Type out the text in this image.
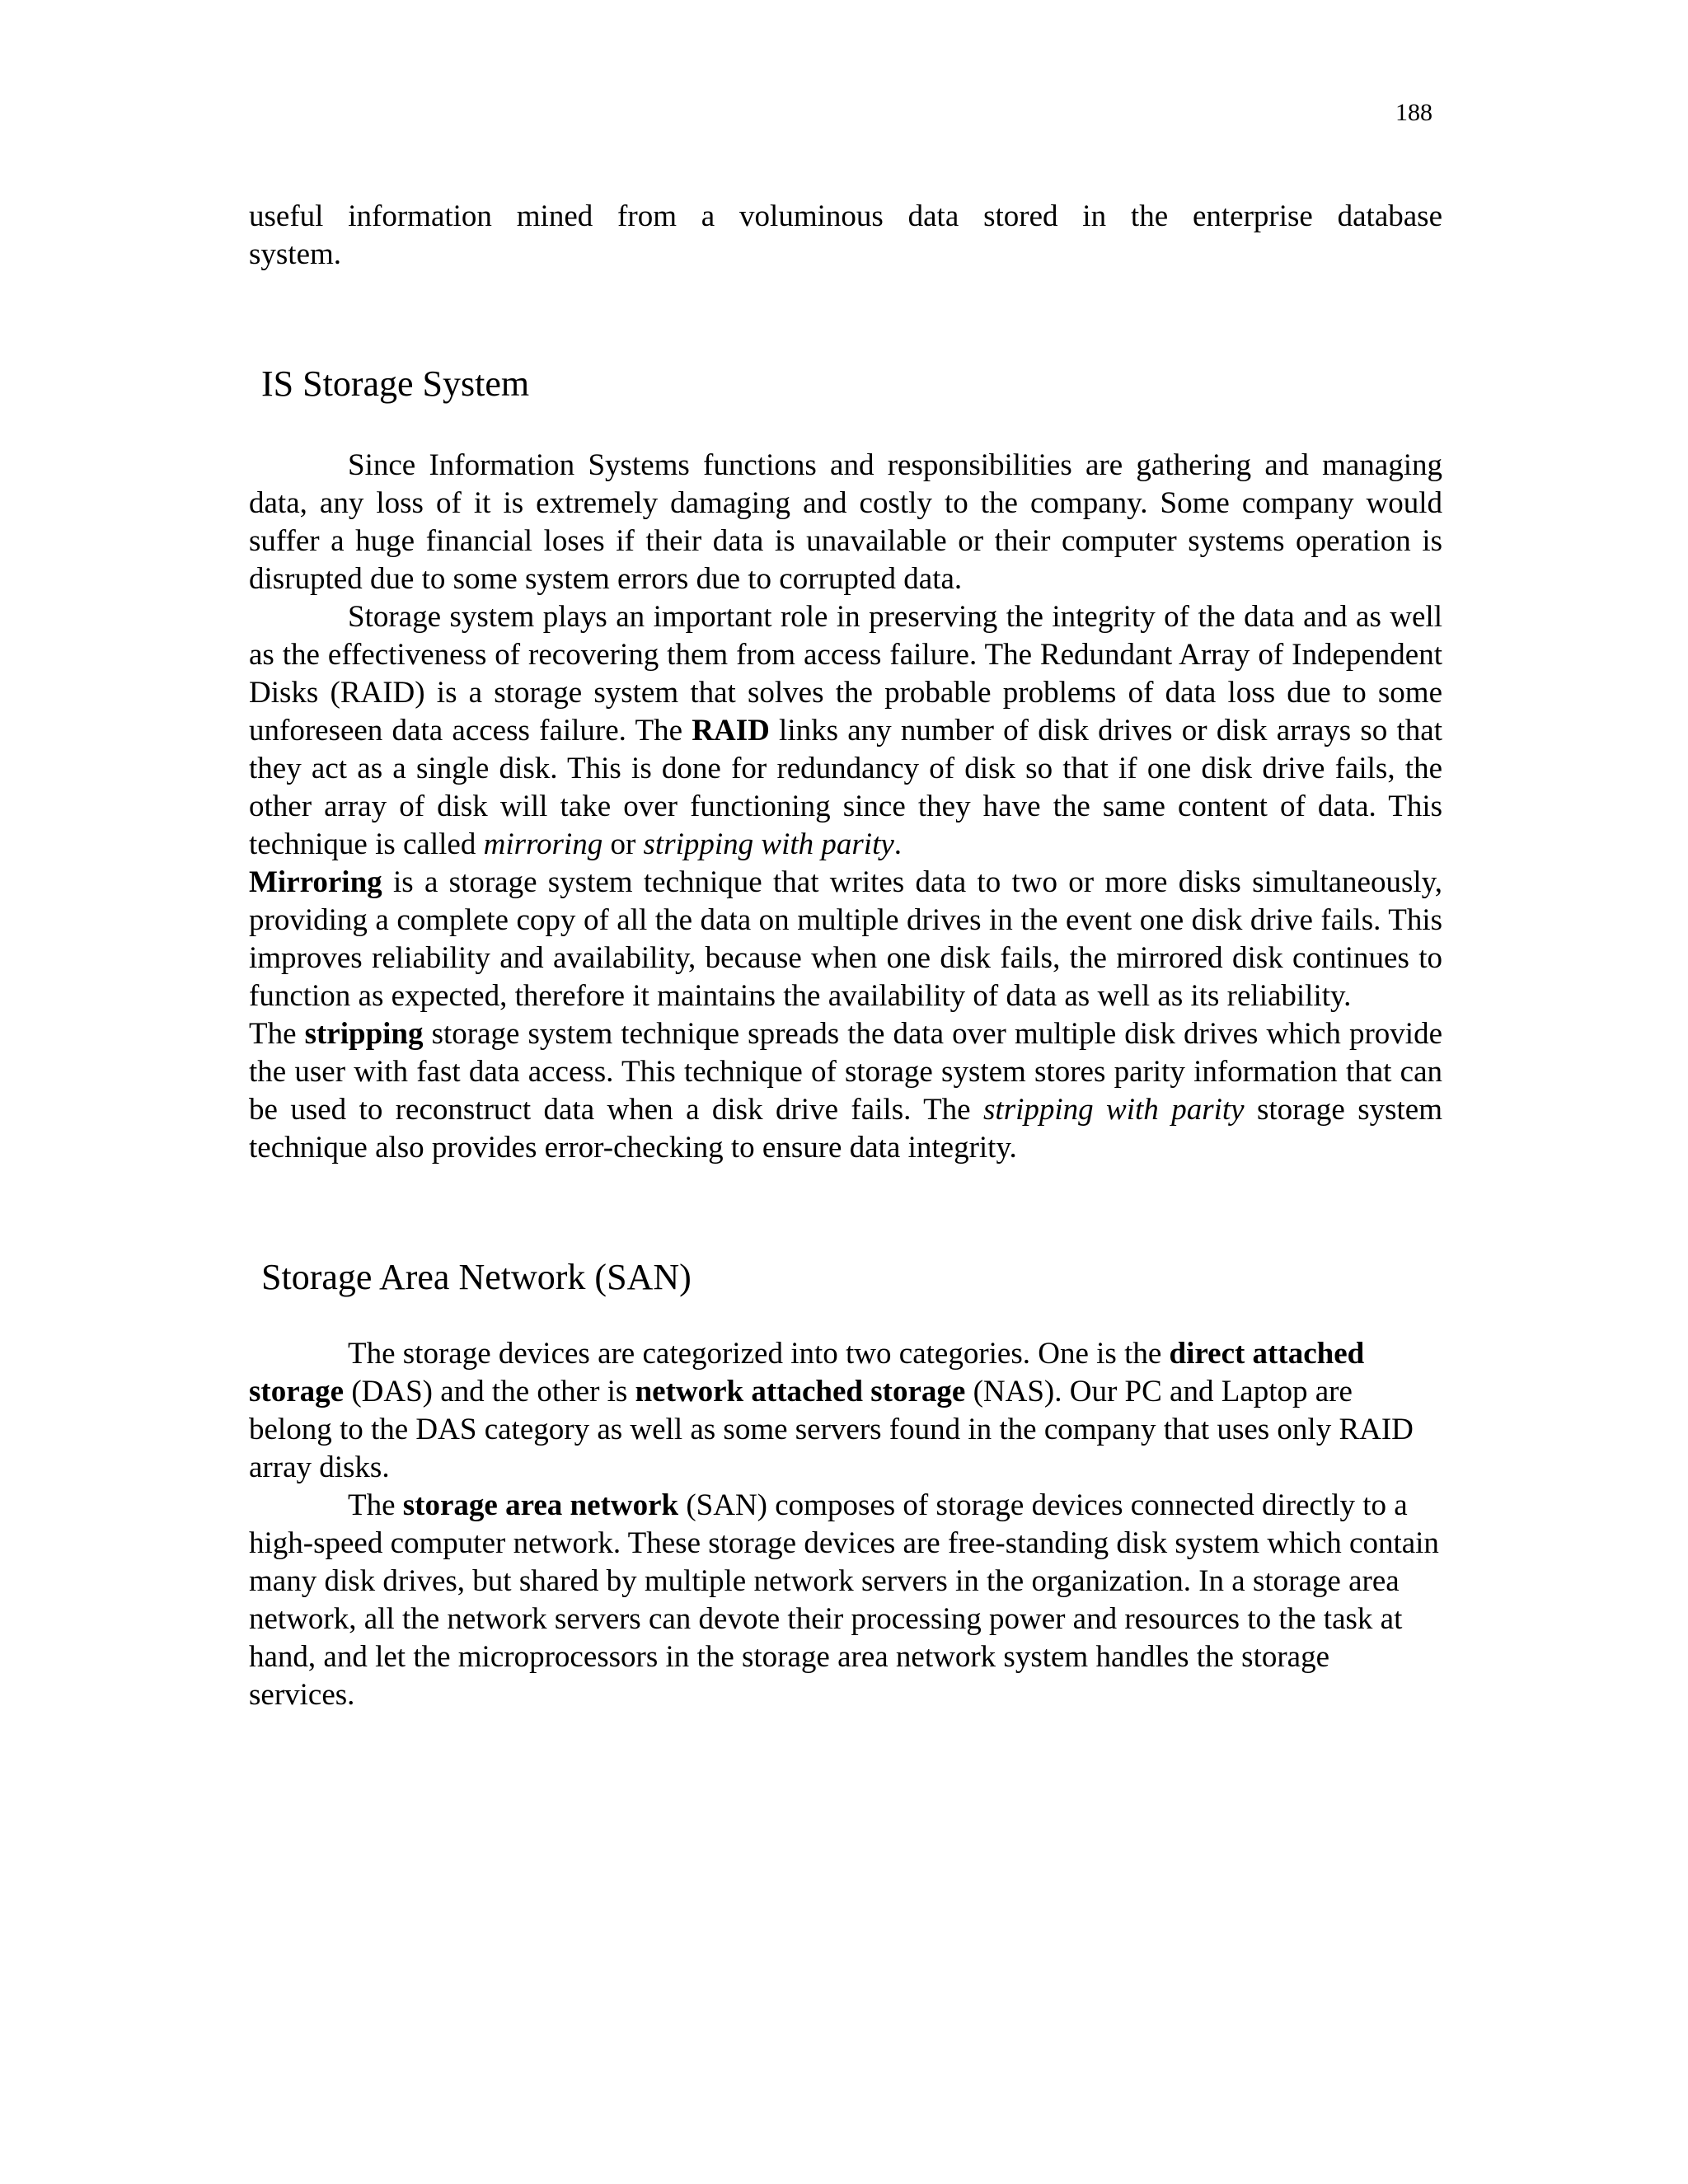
188

useful information mined from a voluminous data stored in the enterprise database

system.

IS Storage System

Since Information Systems functions and responsibilities are gathering and managing data, any loss of it is extremely damaging and costly to the company. Some company would suffer a huge financial loses if their data is unavailable or their computer systems operation is disrupted due to some system errors due to corrupted data.

Storage system plays an important role in preserving the integrity of the data and as well as the effectiveness of recovering them from access failure. The Redundant Array of Independent Disks (RAID) is a storage system that solves the probable problems of data loss due to some unforeseen data access failure. The RAID links any number of disk drives or disk arrays so that they act as a single disk. This is done for redundancy of disk so that if one disk drive fails, the other array of disk will take over functioning since they have the same content of data. This technique is called mirroring or stripping with parity.

Mirroring is a storage system technique that writes data to two or more disks simultaneously, providing a complete copy of all the data on multiple drives in the event one disk drive fails. This improves reliability and availability, because when one disk fails, the mirrored disk continues to function as expected, therefore it maintains the availability of data as well as its reliability.

The stripping storage system technique spreads the data over multiple disk drives which provide the user with fast data access. This technique of storage system stores parity information that can be used to reconstruct data when a disk drive fails. The stripping with parity storage system technique also provides error-checking to ensure data integrity.

Storage Area Network (SAN)

The storage devices are categorized into two categories. One is the direct attached storage (DAS) and the other is network attached storage (NAS). Our PC and Laptop are belong to the DAS category as well as some servers found in the company that uses only RAID array disks.

The storage area network (SAN) composes of storage devices connected directly to a high-speed computer network. These storage devices are free-standing disk system which contain many disk drives, but shared by multiple network servers in the organization. In a storage area network, all the network servers can devote their processing power and resources to the task at hand, and let the microprocessors in the storage area network system handles the storage services.
